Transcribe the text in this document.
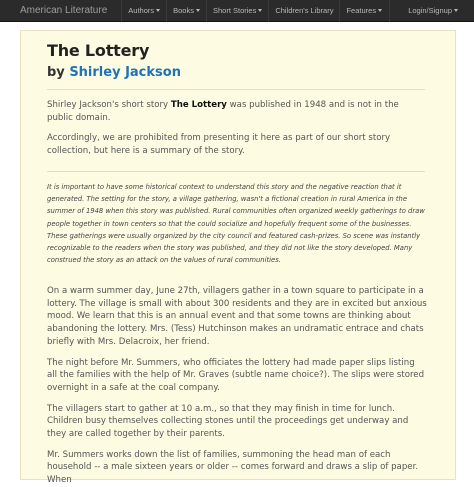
American Literature	Authors	Books	Short Stories	Children's Library Features	Login/Signup
The Lottery
by Shirley Jackson

Shirley Jackson's short story The Lottery was published in 1948 and is not in the public domain.

Accordingly, we are prohibited from presenting it here as part of our short story collection, but here is a summary of the story.

It is important to have some historical context to understand this story and the negative reaction that it generated. The setting for the story, a village gathering, wasn't a fictional creation in rural America in the summer of 1948 when this story was published. Rural communities often organized weekly gatherings to draw people together in town centers so that the could socialize and hopefully frequent some of the businesses. These gatherings were usually organized by the city council and featured cash-prizes. So scene was instantly recognizable to the readers when the story was published, and they did not like the story developed. Many construed the story as an attack on the values of rural communities.

On a warm summer day, June 27th, villagers gather in a town square to participate in a lottery. The village is small with about 300 residents and they are in excited but anxious mood. We learn that this is an annual event and that some towns are thinking about abandoning the lottery. Mrs. (Tess) Hutchinson makes an undramatic entrace and chats briefly with Mrs. Delacroix, her friend.

The night before Mr. Summers, who officiates the lottery had made paper slips listing all the families with the help of Mr. Graves (subtle name choice?). The slips were stored overnight in a safe at the coal company.

The villagers start to gather at 10 a.m., so that they may finish in time for lunch. Children busy themselves collecting stones until the proceedings get underway and they are called together by their parents.

Mr. Summers works down the list of families, summoning the head man of each household -- a male sixteen years or older -- comes forward and draws a slip of paper. When
